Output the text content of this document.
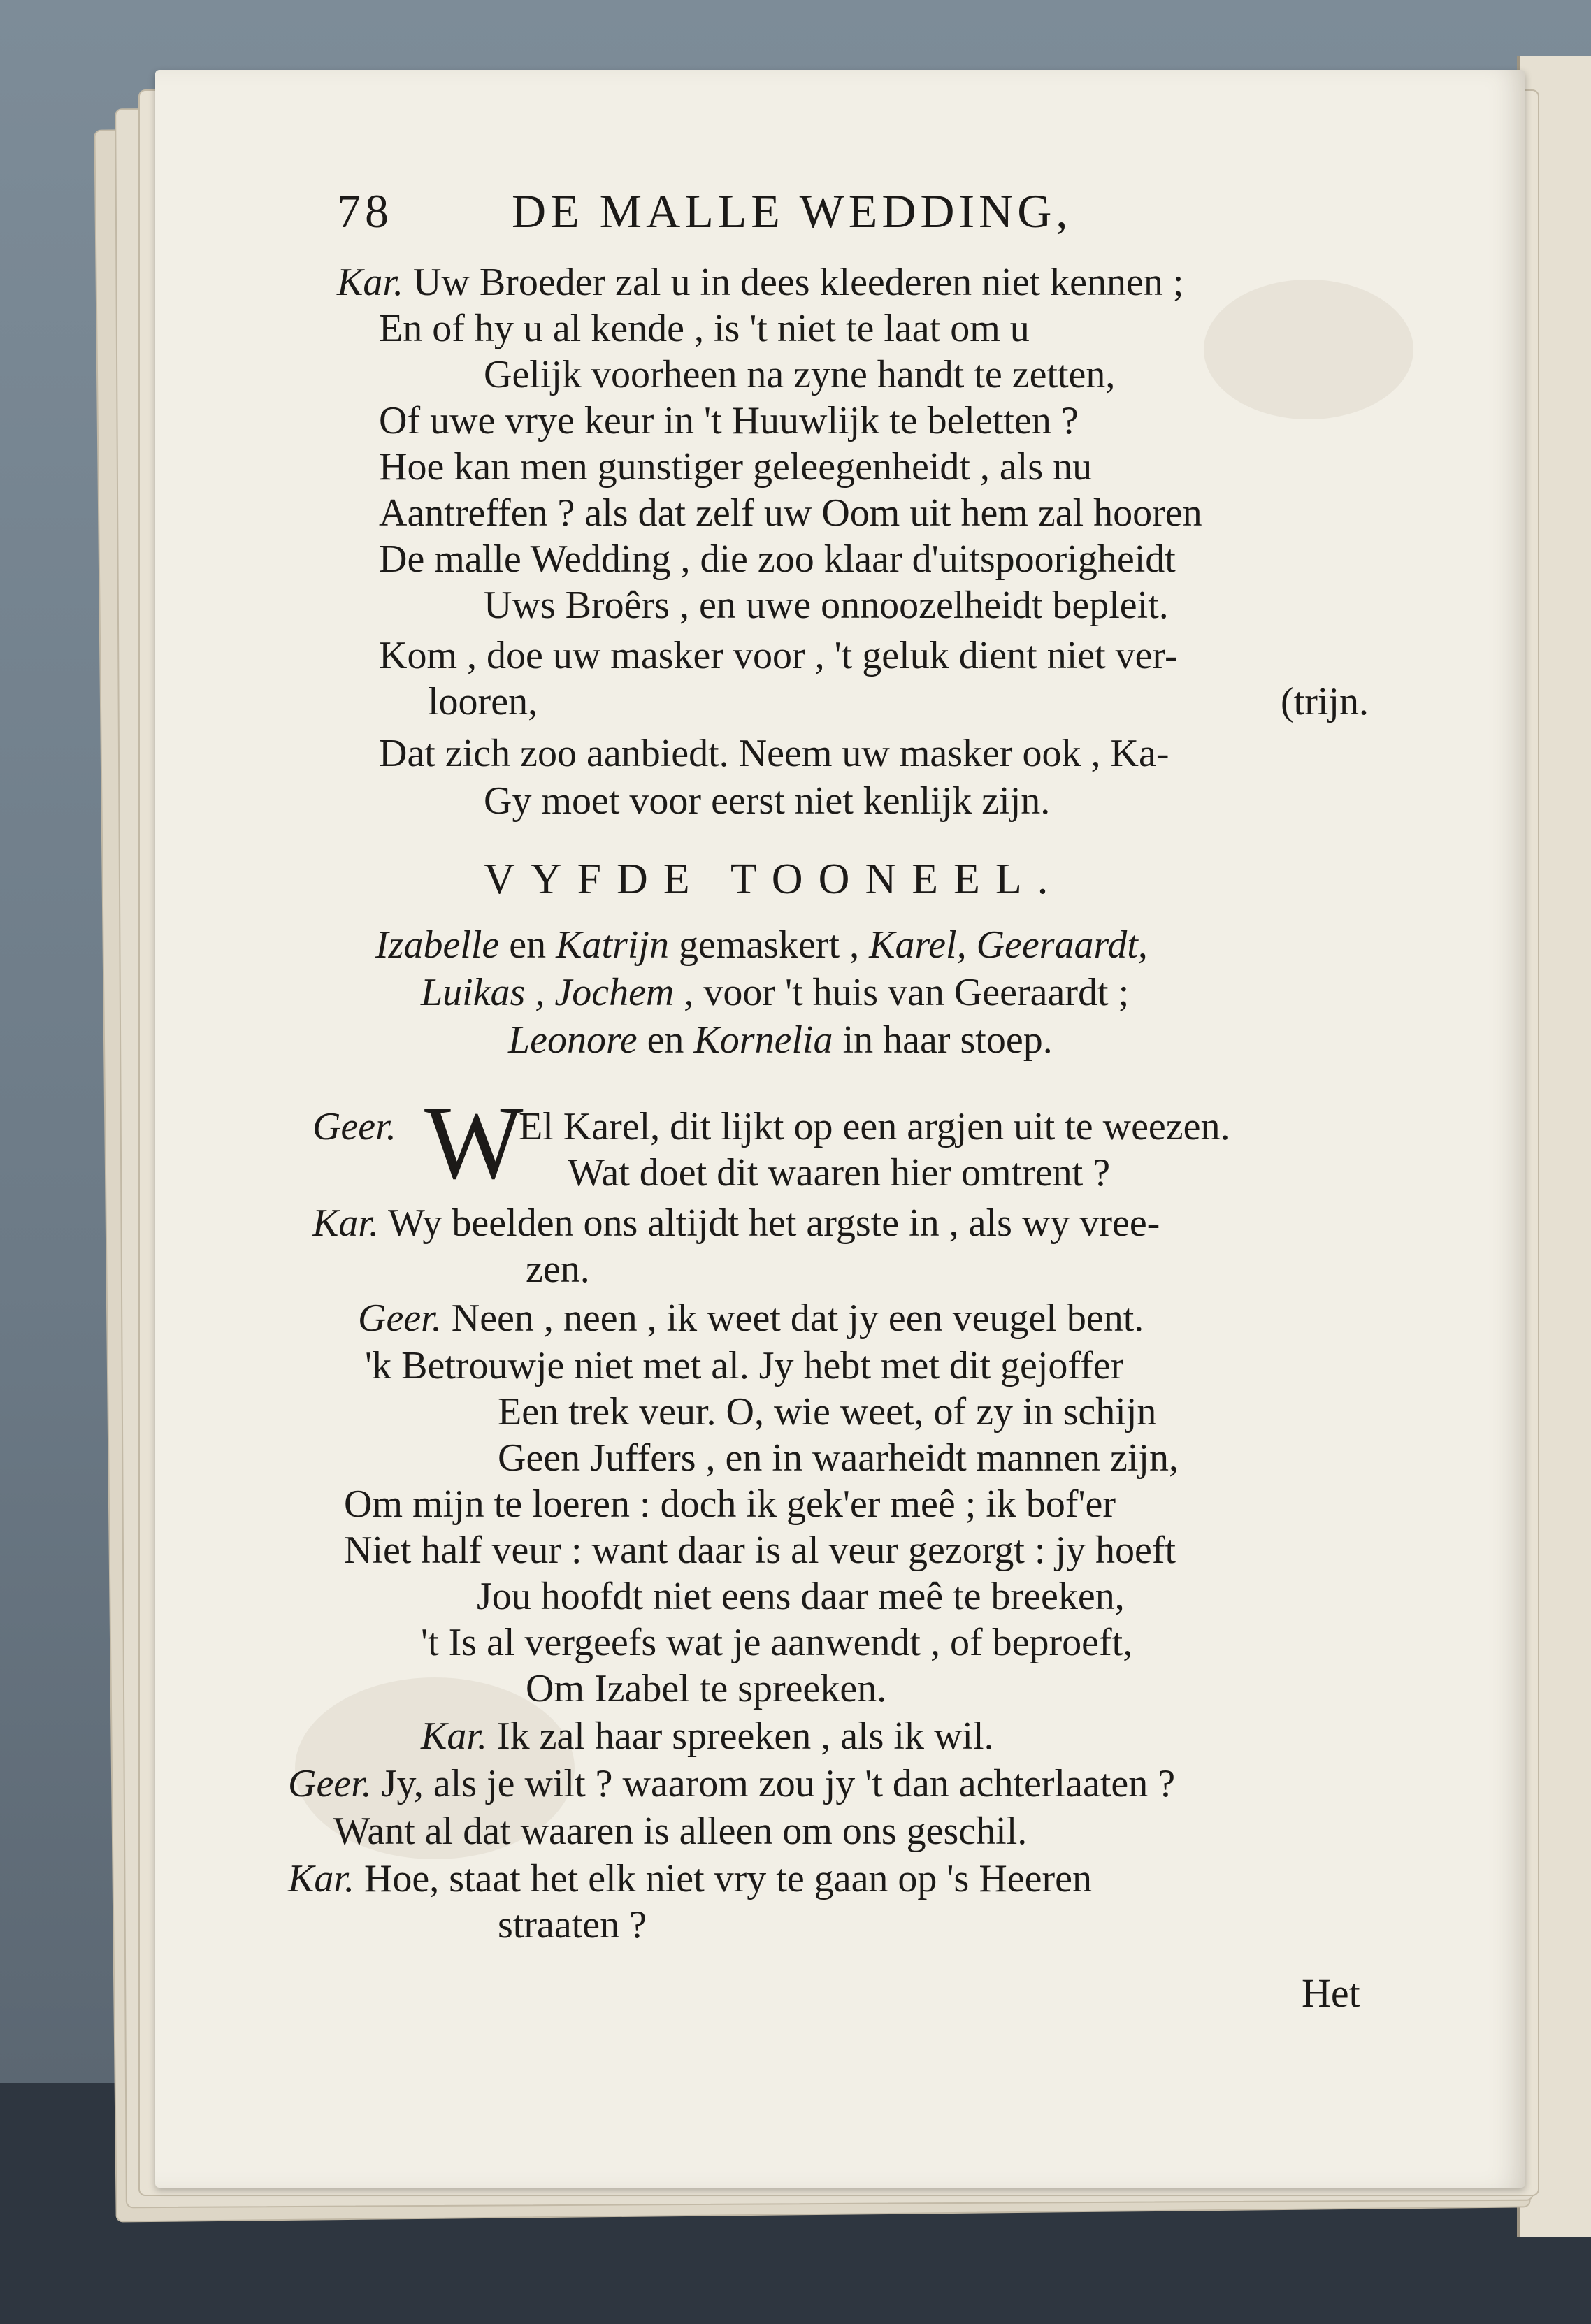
78	DE MALLE WEDDING,
Kar. Uw Broeder zal u in dees kleederen niet kennen ;
En of hy u al kende , is 't niet te laat om u
Gelijk voorheen na zyne handt te zetten,
Of uwe vrye keur in 't Huuwlijk te beletten ?
Hoe kan men gunstiger geleegenheidt , als nu
Aantreffen ? als dat zelf uw Oom uit hem zal hooren
De malle Wedding , die zoo klaar d'uitspoorigheidt
Uws Broêrs , en uwe onnoozelheidt bepleit.
Kom , doe uw masker voor , 't geluk dient niet ver-
looren,	(trijn.
Dat zich zoo aanbiedt. Neem uw masker ook , Ka-
Gy moet voor eerst niet kenlijk zijn.
VYFDE TOONEEL.
Izabelle en Katrijn gemaskert , Karel, Geeraardt,
Luikas , Jochem , voor 't huis van Geeraardt ;
Leonore en Kornelia in haar stoep.
Geer. W
El Karel, dit lijkt op een argjen uit te weezen.
Wat doet dit waaren hier omtrent ?
Kar. Wy beelden ons altijdt het argste in , als wy vree-
zen.
Geer. Neen , neen , ik weet dat jy een veugel bent.
'k Betrouwje niet met al. Jy hebt met dit gejoffer
Een trek veur. O, wie weet, of zy in schijn
Geen Juffers , en in waarheidt mannen zijn,
Om mijn te loeren : doch ik gek'er meê ; ik bof'er
Niet half veur : want daar is al veur gezorgt : jy hoeft
Jou hoofdt niet eens daar meê te breeken,
't Is al vergeefs wat je aanwendt , of beproeft,
Om Izabel te spreeken.
Kar. Ik zal haar spreeken , als ik wil.
Geer. Jy, als je wilt ? waarom zou jy 't dan achterlaaten ?
Want al dat waaren is alleen om ons geschil.
Kar. Hoe, staat het elk niet vry te gaan op 's Heeren
straaten ?
Het
